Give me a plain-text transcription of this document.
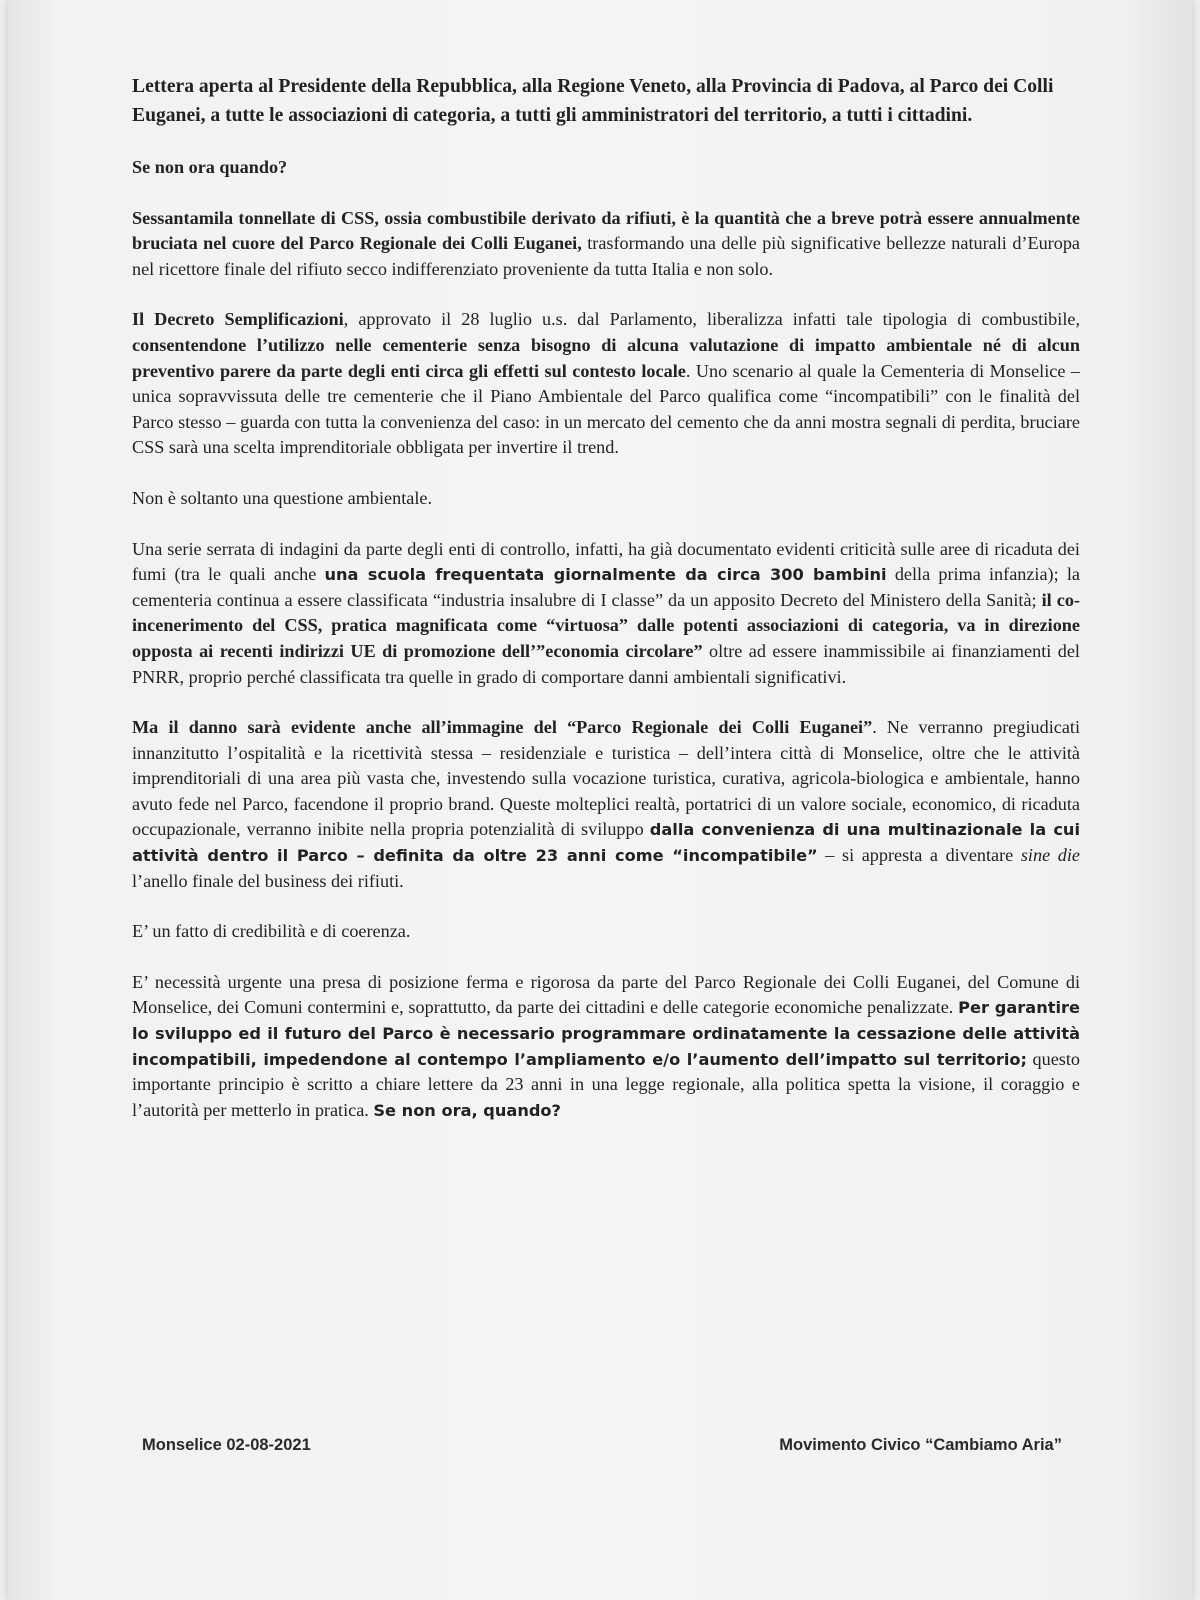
Lettera aperta al Presidente della Repubblica, alla Regione Veneto, alla Provincia di Padova, al Parco dei Colli Euganei, a tutte le associazioni di categoria, a tutti gli amministratori del territorio, a tutti i cittadini.

Se non ora quando?

Sessantamila tonnellate di CSS, ossia combustibile derivato da rifiuti, è la quantità che a breve potrà essere annualmente bruciata nel cuore del Parco Regionale dei Colli Euganei, trasformando una delle più significative bellezze naturali d’Europa nel ricettore finale del rifiuto secco indifferenziato proveniente da tutta Italia e non solo.

Il Decreto Semplificazioni, approvato il 28 luglio u.s. dal Parlamento, liberalizza infatti tale tipologia di combustibile, consentendone l’utilizzo nelle cementerie senza bisogno di alcuna valutazione di impatto ambientale né di alcun preventivo parere da parte degli enti circa gli effetti sul contesto locale. Uno scenario al quale la Cementeria di Monselice – unica sopravvissuta delle tre cementerie che il Piano Ambientale del Parco qualifica come “incompatibili” con le finalità del Parco stesso – guarda con tutta la convenienza del caso: in un mercato del cemento che da anni mostra segnali di perdita, bruciare CSS sarà una scelta imprenditoriale obbligata per invertire il trend.

Non è soltanto una questione ambientale.

Una serie serrata di indagini da parte degli enti di controllo, infatti, ha già documentato evidenti criticità sulle aree di ricaduta dei fumi (tra le quali anche una scuola frequentata giornalmente da circa 300 bambini della prima infanzia); la cementeria continua a essere classificata “industria insalubre di I classe” da un apposito Decreto del Ministero della Sanità; il co-incenerimento del CSS, pratica magnificata come “virtuosa” dalle potenti associazioni di categoria, va in direzione opposta ai recenti indirizzi UE di promozione dell’”economia circolare” oltre ad essere inammissibile ai finanziamenti del PNRR, proprio perché classificata tra quelle in grado di comportare danni ambientali significativi.

Ma il danno sarà evidente anche all’immagine del “Parco Regionale dei Colli Euganei”. Ne verranno pregiudicati innanzitutto l’ospitalità e la ricettività stessa – residenziale e turistica – dell’intera città di Monselice, oltre che le attività imprenditoriali di una area più vasta che, investendo sulla vocazione turistica, curativa, agricola-biologica e ambientale, hanno avuto fede nel Parco, facendone il proprio brand. Queste molteplici realtà, portatrici di un valore sociale, economico, di ricaduta occupazionale, verranno inibite nella propria potenzialità di sviluppo dalla convenienza di una multinazionale la cui attività dentro il Parco – definita da oltre 23 anni come “incompatibile” – si appresta a diventare sine die l’anello finale del business dei rifiuti.

E’ un fatto di credibilità e di coerenza.

E’ necessità urgente una presa di posizione ferma e rigorosa da parte del Parco Regionale dei Colli Euganei, del Comune di Monselice, dei Comuni contermini e, soprattutto, da parte dei cittadini e delle categorie economiche penalizzate. Per garantire lo sviluppo ed il futuro del Parco è necessario programmare ordinatamente la cessazione delle attività incompatibili, impedendone al contempo l’ampliamento e/o l’aumento dell’impatto sul territorio; questo importante principio è scritto a chiare lettere da 23 anni in una legge regionale, alla politica spetta la visione, il coraggio e l’autorità per metterlo in pratica. Se non ora, quando?

Monselice 02-08-2021	Movimento Civico “Cambiamo Aria”
